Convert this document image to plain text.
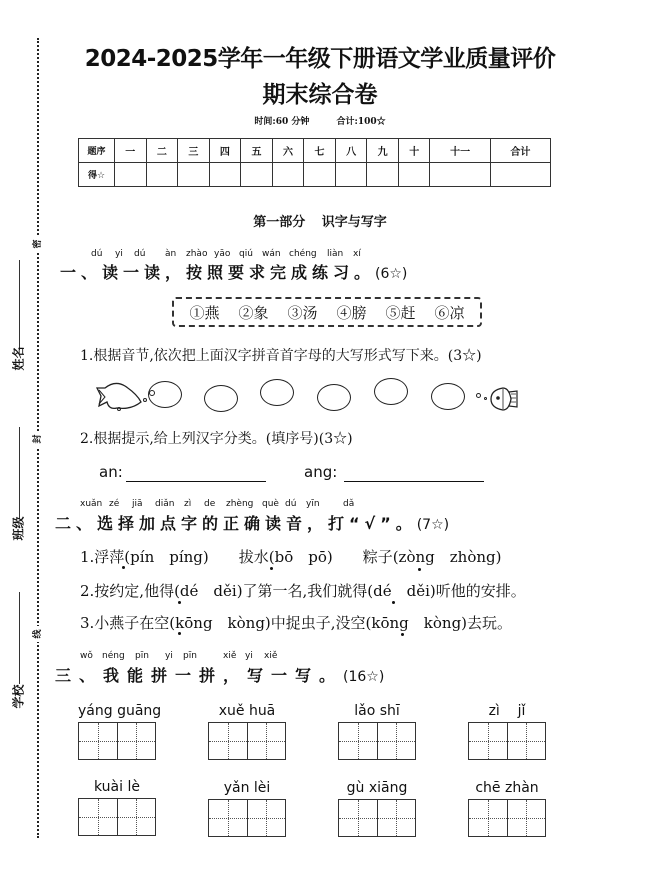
密
封
线
姓名
班级
学校
2024-2025学年一年级下册语文学业质量评价
期末综合卷
时间:60 分钟	合计:100☆
题序	一	二	三	四	五	六	七	八	九	十	十一	合计
得☆												
第一部分 识字与写字
dú yi dú àn zhào yāo qiú wán chéng liàn xí
一、读一读，按照要求完成练习。(6☆)
①燕 ②象 ③汤 ④膀 ⑤赶 ⑥凉
1.根据音节,依次把上面汉字拼音首字母的大写形式写下来。(3☆)
2.根据提示,给上列汉字分类。(填序号)(3☆)
an:	ang:
xuǎn zé jiā diǎn zì de zhèng què dú yīn	dǎ
二、选择加点字的正确读音，打“√”。(7☆)
1.浮萍(pín　píng)　　拔水(bō　pō)　　粽子(zòng　zhòng)
2.按约定,他得(dé　děi)了第一名,我们就得(dé　děi)听他的安排。
3.小燕子在空(kōng　kòng)中捉虫子,没空(kōng　kòng)去玩。
wǒ néng pīn yi pīn	xiě yi xiě
三、我能拼一拼，写一写。(16☆)
yáng guāng	xuě huā	lǎo shī	zì    jǐ
kuài lè	yǎn lèi	gù xiāng	chē zhàn
